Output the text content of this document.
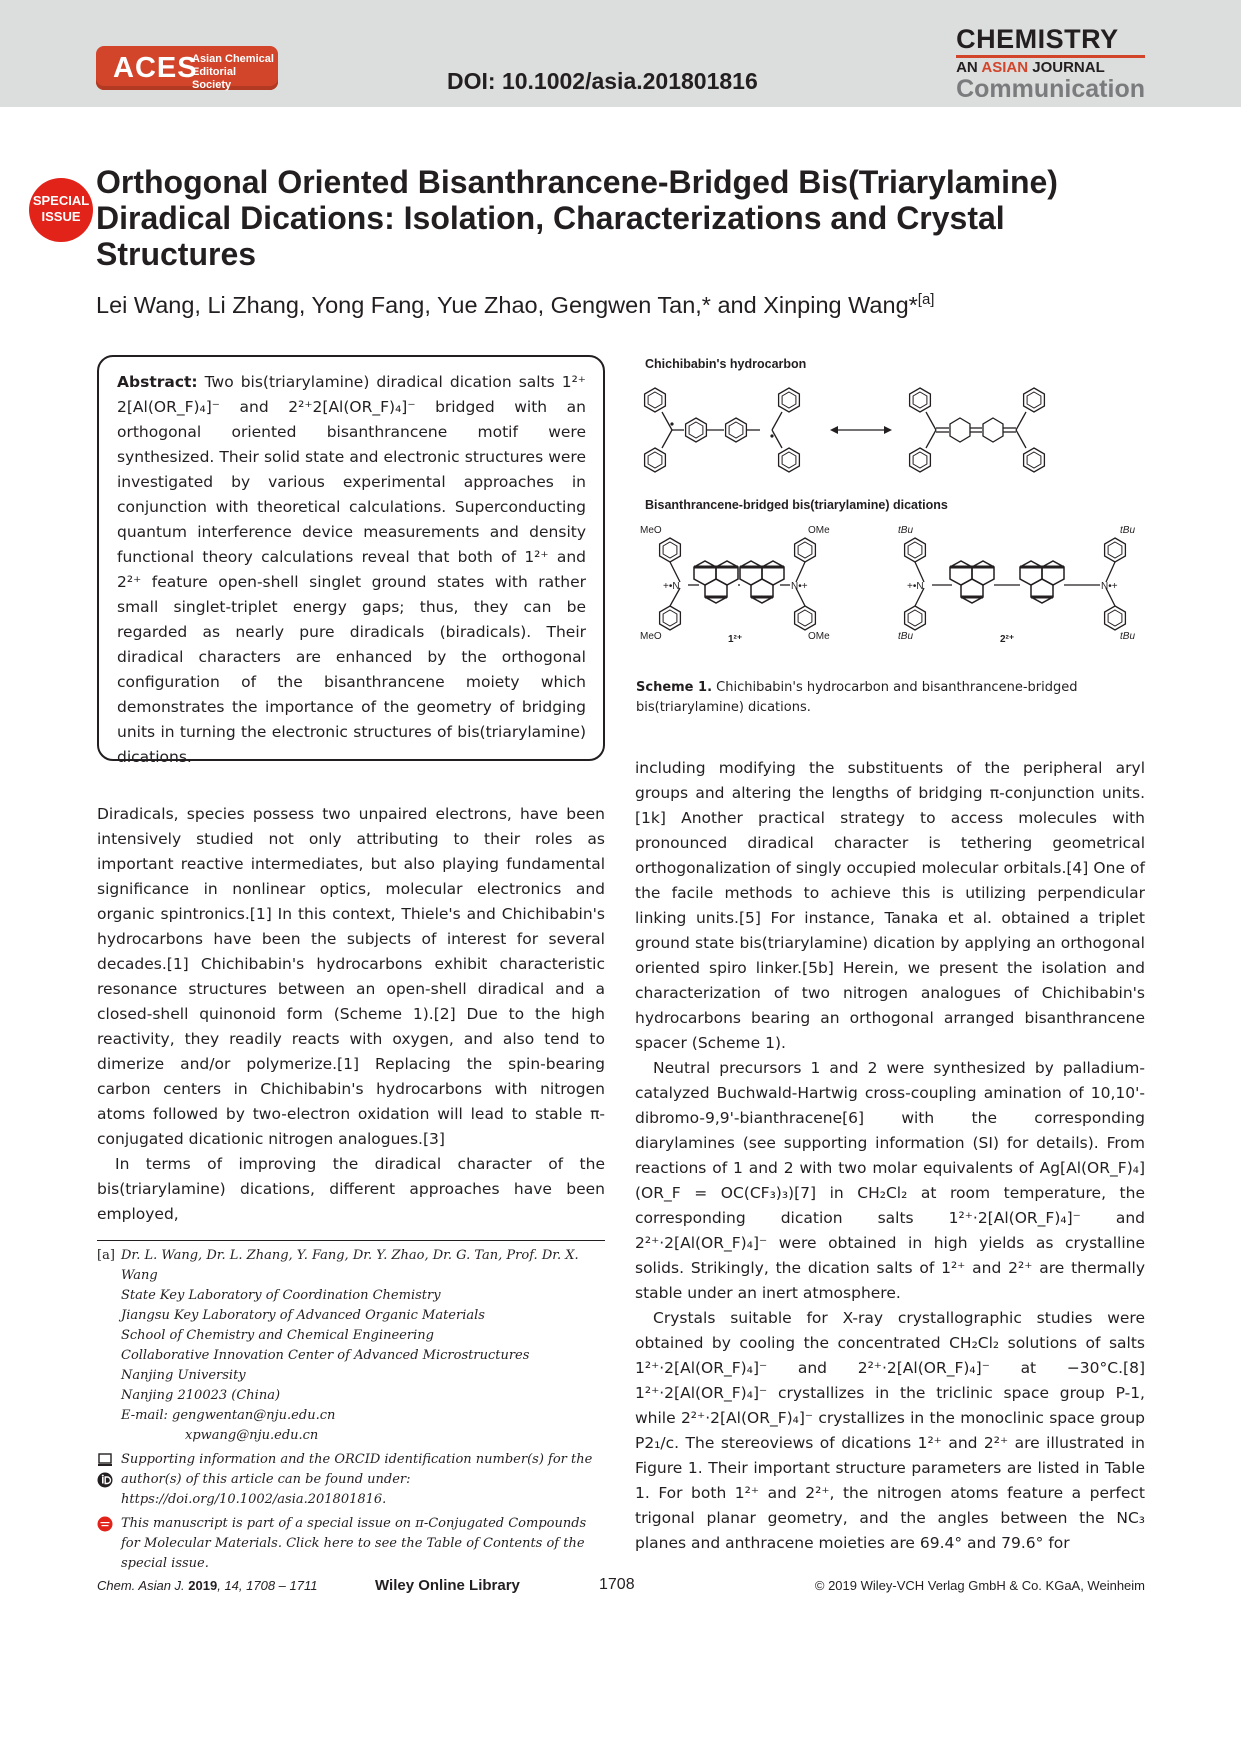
ACES
Asian Chemical
Editorial Society	DOI: 10.1002/asia.201801816
CHEMISTRY
AN ASIAN JOURNAL
Communication
SPECIAL
ISSUE
Orthogonal Oriented Bisanthrancene-Bridged Bis(Triarylamine) Diradical Dications: Isolation, Characterizations and Crystal Structures
Lei Wang, Li Zhang, Yong Fang, Yue Zhao, Gengwen Tan,* and Xinping Wang*[a]

Abstract: Two bis(triarylamine) diradical dication salts 1²⁺ 2[Al(OR_F)₄]⁻ and 2²⁺2[Al(OR_F)₄]⁻ bridged with an orthogonal oriented bisanthrancene motif were synthesized. Their solid state and electronic structures were investigated by various experimental approaches in conjunction with theoretical calculations. Superconducting quantum interference device measurements and density functional theory calculations reveal that both of 1²⁺ and 2²⁺ feature open-shell singlet ground states with rather small singlet-triplet energy gaps; thus, they can be regarded as nearly pure diradicals (biradicals). Their diradical characters are enhanced by the orthogonal configuration of the bisanthrancene moiety which demonstrates the importance of the geometry of bridging units in turning the electronic structures of bis(triarylamine) dications.

Chichibabin's hydrocarbon
Bisanthrancene-bridged bis(triarylamine) dications
MeO	OMe
+•N	N•+
MeO	OMe
1²⁺
tBu	tBu
+•N	N•+
tBu	tBu
2²⁺
Scheme 1. Chichibabin's hydrocarbon and bisanthrancene-bridged bis(triarylamine) dications.

Diradicals, species possess two unpaired electrons, have been intensively studied not only attributing to their roles as important reactive intermediates, but also playing fundamental significance in nonlinear optics, molecular electronics and organic spintronics.[1] In this context, Thiele's and Chichibabin's hydrocarbons have been the subjects of interest for several decades.[1] Chichibabin's hydrocarbons exhibit characteristic resonance structures between an open-shell diradical and a closed-shell quinonoid form (Scheme 1).[2] Due to the high reactivity, they readily reacts with oxygen, and also tend to dimerize and/or polymerize.[1] Replacing the spin-bearing carbon centers in Chichibabin's hydrocarbons with nitrogen atoms followed by two-electron oxidation will lead to stable π-conjugated dicationic nitrogen analogues.[3]

In terms of improving the diradical character of the bis(triarylamine) dications, different approaches have been employed,

including modifying the substituents of the peripheral aryl groups and altering the lengths of bridging π-conjunction units.[1k] Another practical strategy to access molecules with pronounced diradical character is tethering geometrical orthogonalization of singly occupied molecular orbitals.[4] One of the facile methods to achieve this is utilizing perpendicular linking units.[5] For instance, Tanaka et al. obtained a triplet ground state bis(triarylamine) dication by applying an orthogonal oriented spiro linker.[5b] Herein, we present the isolation and characterization of two nitrogen analogues of Chichibabin's hydrocarbons bearing an orthogonal arranged bisanthrancene spacer (Scheme 1).

Neutral precursors 1 and 2 were synthesized by palladium-catalyzed Buchwald-Hartwig cross-coupling amination of 10,10'-dibromo-9,9'-bianthracene[6] with the corresponding diarylamines (see supporting information (SI) for details). From reactions of 1 and 2 with two molar equivalents of Ag[Al(OR_F)₄] (OR_F = OC(CF₃)₃)[7] in CH₂Cl₂ at room temperature, the corresponding dication salts 1²⁺·2[Al(OR_F)₄]⁻ and 2²⁺·2[Al(OR_F)₄]⁻ were obtained in high yields as crystalline solids. Strikingly, the dication salts of 1²⁺ and 2²⁺ are thermally stable under an inert atmosphere.

Crystals suitable for X-ray crystallographic studies were obtained by cooling the concentrated CH₂Cl₂ solutions of salts 1²⁺·2[Al(OR_F)₄]⁻ and 2²⁺·2[Al(OR_F)₄]⁻ at −30°C.[8] 1²⁺·2[Al(OR_F)₄]⁻ crystallizes in the triclinic space group P-1, while 2²⁺·2[Al(OR_F)₄]⁻ crystallizes in the monoclinic space group P2₁/c. The stereoviews of dications 1²⁺ and 2²⁺ are illustrated in Figure 1. Their important structure parameters are listed in Table 1. For both 1²⁺ and 2²⁺, the nitrogen atoms feature a perfect trigonal planar geometry, and the angles between the NC₃ planes and anthracene moieties are 69.4° and 79.6° for

[a] Dr. L. Wang, Dr. L. Zhang, Y. Fang, Dr. Y. Zhao, Dr. G. Tan, Prof. Dr. X. Wang
State Key Laboratory of Coordination Chemistry
Jiangsu Key Laboratory of Advanced Organic Materials
School of Chemistry and Chemical Engineering
Collaborative Innovation Center of Advanced Microstructures
Nanjing University
Nanjing 210023 (China)
E-mail: gengwentan@nju.edu.cn
xpwang@nju.edu.cn
Supporting information and the ORCID identification number(s) for the author(s) of this article can be found under: https://doi.org/10.1002/asia.201801816.
This manuscript is part of a special issue on π-Conjugated Compounds for Molecular Materials. Click here to see the Table of Contents of the special issue.
Chem. Asian J. 2019, 14, 1708 – 1711	Wiley Online Library	1708	© 2019 Wiley-VCH Verlag GmbH & Co. KGaA, Weinheim
